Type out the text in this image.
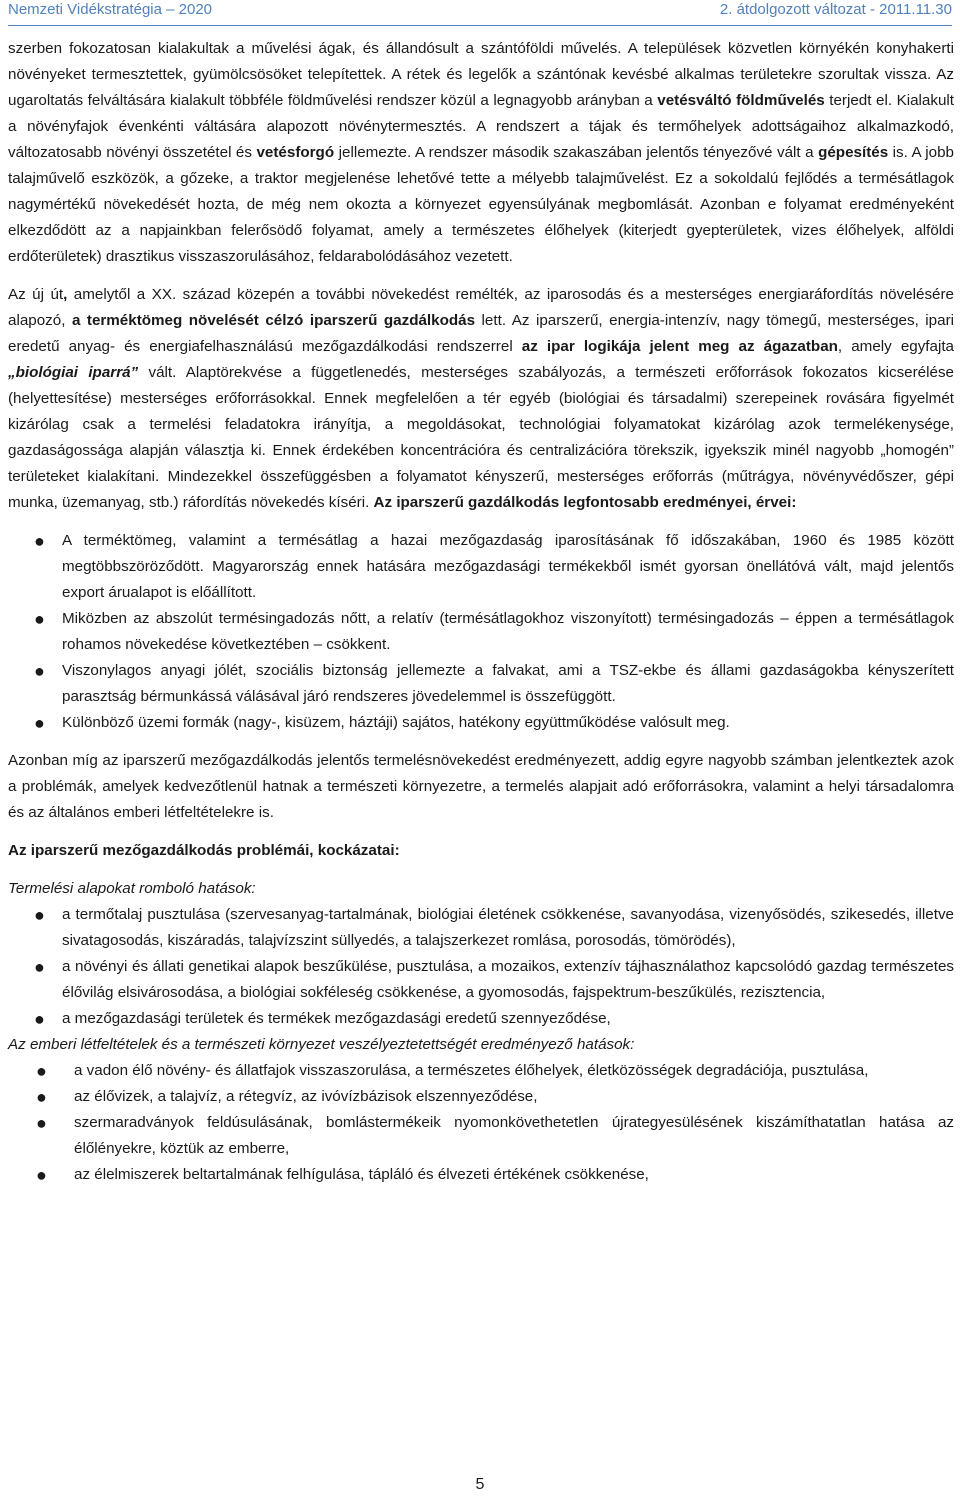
Nemzeti Vidékstratégia – 2020	2. átdolgozott változat - 2011.11.30

szerben fokozatosan kialakultak a művelési ágak, és állandósult a szántóföldi művelés. A települések közvetlen környékén konyhakerti növényeket termesztettek, gyümölcsösöket telepítettek. A rétek és legelők a szántónak kevésbé alkalmas területekre szorultak vissza. Az ugaroltatás felváltására kialakult többféle földművelési rendszer közül a legnagyobb arányban a vetésváltó földművelés terjedt el. Kialakult a növényfajok évenkénti váltására alapozott növénytermesztés. A rendszert a tájak és termőhelyek adottságaihoz alkalmazkodó, változatosabb növényi összetétel és vetésforgó jellemezte. A rendszer második szakaszában jelentős tényezővé vált a gépesítés is. A jobb talajművelő eszközök, a gőzeke, a traktor megjelenése lehetővé tette a mélyebb talajművelést. Ez a sokoldalú fejlődés a termésátlagok nagymértékű növekedését hozta, de még nem okozta a környezet egyensúlyának megbomlását. Azonban e folyamat eredményeként elkezdődött az a napjainkban felerősödő folyamat, amely a természetes élőhelyek (kiterjedt gyepterületek, vizes élőhelyek, alföldi erdőterületek) drasztikus visszaszorulásához, feldarabolódásához vezetett.

Az új út, amelytől a XX. század közepén a további növekedést remélték, az iparosodás és a mesterséges energiaráfordítás növelésére alapozó, a terméktömeg növelését célzó iparszerű gazdálkodás lett. Az iparszerű, energia-intenzív, nagy tömegű, mesterséges, ipari eredetű anyag- és energiafelhasználású mezőgazdálkodási rendszerrel az ipar logikája jelent meg az ágazatban, amely egyfajta „biológiai iparrá” vált. Alaptörekvése a függetlenedés, mesterséges szabályozás, a természeti erőforrások fokozatos kicserélése (helyettesítése) mesterséges erőforrásokkal. Ennek megfelelően a tér egyéb (biológiai és társadalmi) szerepeinek rovására figyelmét kizárólag csak a termelési feladatokra irányítja, a megoldásokat, technológiai folyamatokat kizárólag azok termelékenysége, gazdaságossága alapján választja ki. Ennek érdekében koncentrációra és centralizációra törekszik, igyekszik minél nagyobb „homogén” területeket kialakítani. Mindezekkel összefüggésben a folyamatot kényszerű, mesterséges erőforrás (műtrágya, növényvédőszer, gépi munka, üzemanyag, stb.) ráfordítás növekedés kíséri. Az iparszerű gazdálkodás legfontosabb eredményei, érvei:

● A terméktömeg, valamint a termésátlag a hazai mezőgazdaság iparosításának fő időszakában, 1960 és 1985 között megtöbbszöröződött. Magyarország ennek hatására mezőgazdasági termékekből ismét gyorsan önellátóvá vált, majd jelentős export árualapot is előállított.
● Miközben az abszolút termésingadozás nőtt, a relatív (termésátlagokhoz viszonyított) termésingadozás – éppen a termésátlagok rohamos növekedése következtében – csökkent.
● Viszonylagos anyagi jólét, szociális biztonság jellemezte a falvakat, ami a TSZ-ekbe és állami gazdaságokba kényszerített parasztság bérmunkássá válásával járó rendszeres jövedelemmel is összefüggött.
● Különböző üzemi formák (nagy-, kisüzem, háztáji) sajátos, hatékony együttműködése valósult meg.

Azonban míg az iparszerű mezőgazdálkodás jelentős termelésnövekedést eredményezett, addig egyre nagyobb számban jelentkeztek azok a problémák, amelyek kedvezőtlenül hatnak a természeti környezetre, a termelés alapjait adó erőforrásokra, valamint a helyi társadalomra és az általános emberi létfeltételekre is.

Az iparszerű mezőgazdálkodás problémái, kockázatai:

Termelési alapokat romboló hatások:

● a termőtalaj pusztulása (szervesanyag-tartalmának, biológiai életének csökkenése, savanyodása, vizenyősödés, szikesedés, illetve sivatagosodás, kiszáradás, talajvízszint süllyedés, a talajszerkezet romlása, porosodás, tömörödés),
● a növényi és állati genetikai alapok beszűkülése, pusztulása, a mozaikos, extenzív tájhasználathoz kapcsolódó gazdag természetes élővilág elsivárosodása, a biológiai sokféleség csökkenése, a gyomosodás, fajspektrum-beszűkülés, rezisztencia,
● a mezőgazdasági területek és termékek mezőgazdasági eredetű szennyeződése,

Az emberi létfeltételek és a természeti környezet veszélyeztetettségét eredményező hatások:

● a vadon élő növény- és állatfajok visszaszorulása, a természetes élőhelyek, életközösségek degradációja, pusztulása,
● az élővizek, a talajvíz, a rétegvíz, az ivóvízbázisok elszennyeződése,
● szermaradványok feldúsulásának, bomlástermékeik nyomonkövethetetlen újrategyesülésének kiszámíthatatlan hatása az élőlényekre, köztük az emberre,
● az élelmiszerek beltartalmának felhígulása, tápláló és élvezeti értékének csökkenése,
5
